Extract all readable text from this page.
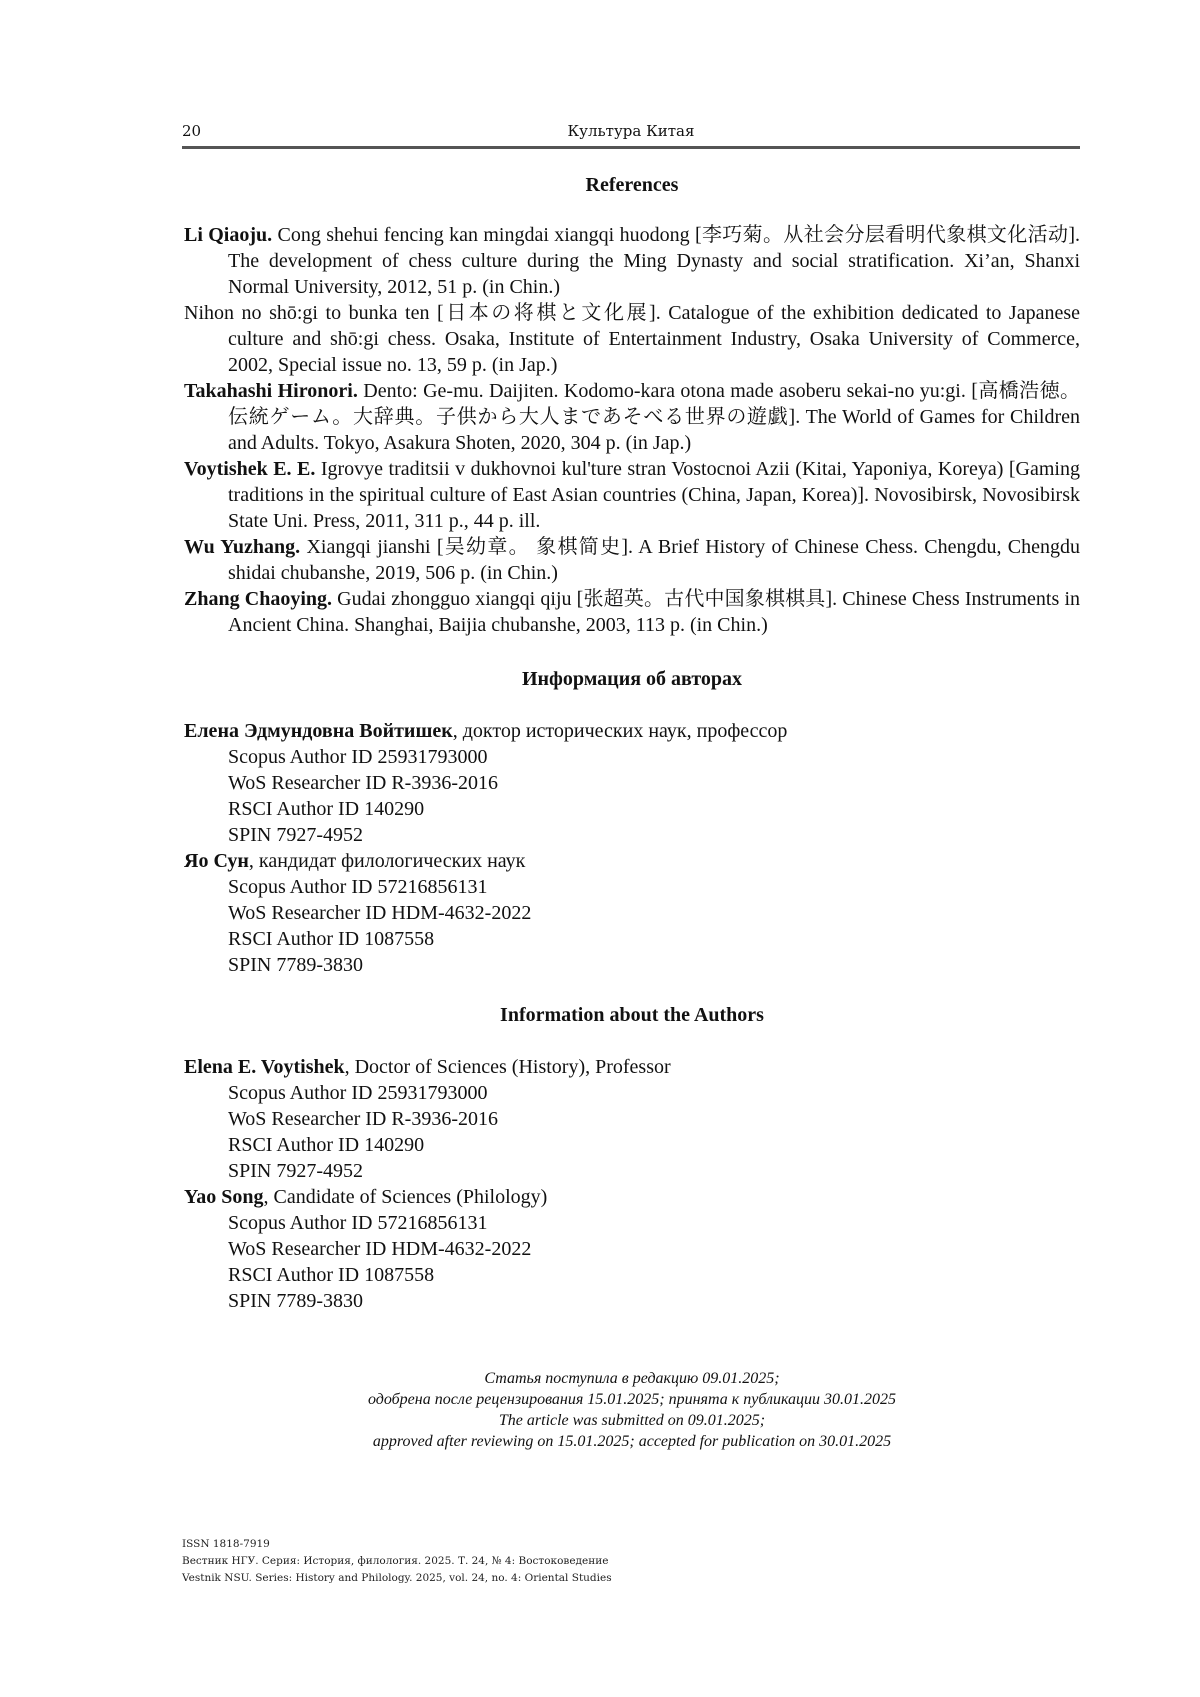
20	Культура Китая
References
Li Qiaoju. Cong shehui fencing kan mingdai xiangqi huodong [李巧菊。从社会分层看明代象棋文化活动]. The development of chess culture during the Ming Dynasty and social stratification. Xi’an, Shanxi Normal University, 2012, 51 p. (in Chin.)
Nihon no shō:gi to bunka ten [日本の将棋と文化展]. Catalogue of the exhibition dedicated to Japanese culture and shō:gi chess. Osaka, Institute of Entertainment Industry, Osaka University of Commerce, 2002, Special issue no. 13, 59 p. (in Jap.)
Takahashi Hironori. Dento: Ge-mu. Daijiten. Kodomo-kara otona made asoberu sekai-no yu:gi. [高橋浩徳。伝統ゲーム。大辞典。子供から大人まであそべる世界の遊戯]. The World of Games for Children and Adults. Tokyo, Asakura Shoten, 2020, 304 p. (in Jap.)
Voytishek E. E. Igrovye traditsii v dukhovnoi kul'ture stran Vostocnoi Azii (Kitai, Yaponiya, Koreya) [Gaming traditions in the spiritual culture of East Asian countries (China, Japan, Korea)]. Novosibirsk, Novosibirsk State Uni. Press, 2011, 311 p., 44 p. ill.
Wu Yuzhang. Xiangqi jianshi [吴幼章。 象棋简史]. A Brief History of Chinese Chess. Chengdu, Chengdu shidai chubanshe, 2019, 506 p. (in Chin.)
Zhang Chaoying. Gudai zhongguo xiangqi qiju [张超英。古代中国象棋棋具]. Chinese Chess Instruments in Ancient China. Shanghai, Baijia chubanshe, 2003, 113 p. (in Chin.)
Информация об авторах
Елена Эдмундовна Войтишек, доктор исторических наук, профессор
Scopus Author ID 25931793000
WoS Researcher ID R-3936-2016
RSCI Author ID 140290
SPIN 7927-4952
Яо Сун, кандидат филологических наук
Scopus Author ID 57216856131
WoS Researcher ID HDM-4632-2022
RSCI Author ID 1087558
SPIN 7789-3830
Information about the Authors
Elena E. Voytishek, Doctor of Sciences (History), Professor
Scopus Author ID 25931793000
WoS Researcher ID R-3936-2016
RSCI Author ID 140290
SPIN 7927-4952
Yao Song, Candidate of Sciences (Philology)
Scopus Author ID 57216856131
WoS Researcher ID HDM-4632-2022
RSCI Author ID 1087558
SPIN 7789-3830
Статья поступила в редакцию 09.01.2025;
одобрена после рецензирования 15.01.2025; принята к публикации 30.01.2025
The article was submitted on 09.01.2025;
approved after reviewing on 15.01.2025; accepted for publication on 30.01.2025
ISSN 1818-7919
Вестник НГУ. Серия: История, филология. 2025. Т. 24, № 4: Востоковедение
Vestnik NSU. Series: History and Philology. 2025, vol. 24, no. 4: Oriental Studies
